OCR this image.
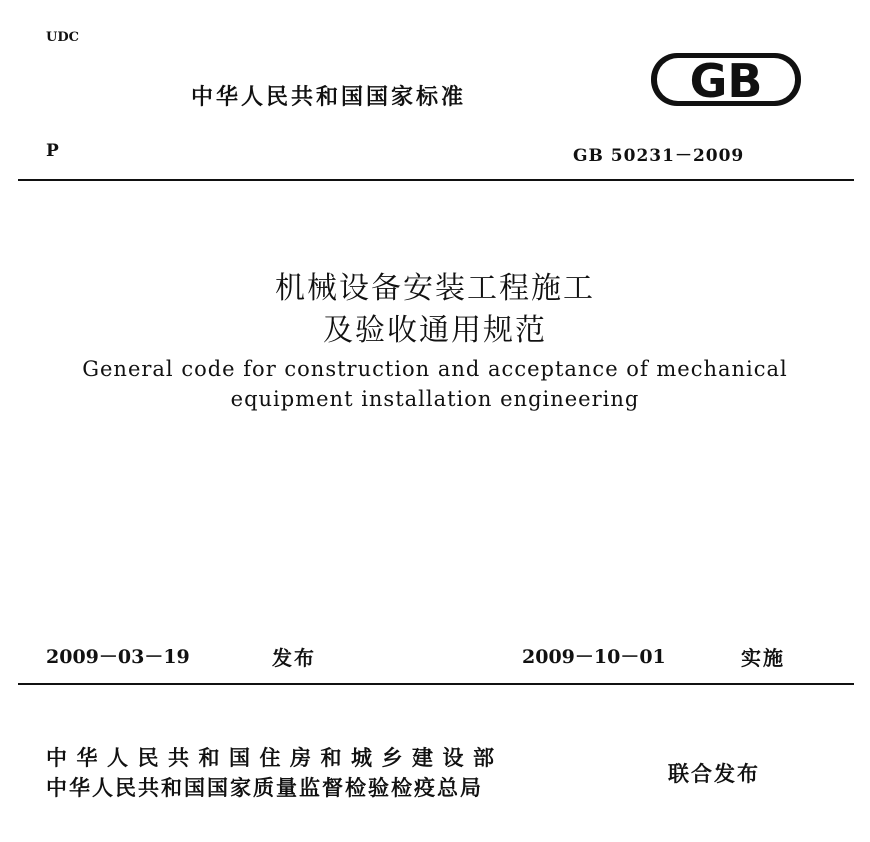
UDC
中华人民共和国国家标准	GB
P	GB 50231－2009
机械设备安装工程施工
及验收通用规范
General code for construction and acceptance of mechanical
equipment installation engineering
2009－03－19	发布	2009－10－01	实施
中华人民共和国住房和城乡建设部
中华人民共和国国家质量监督检验检疫总局
联合发布
